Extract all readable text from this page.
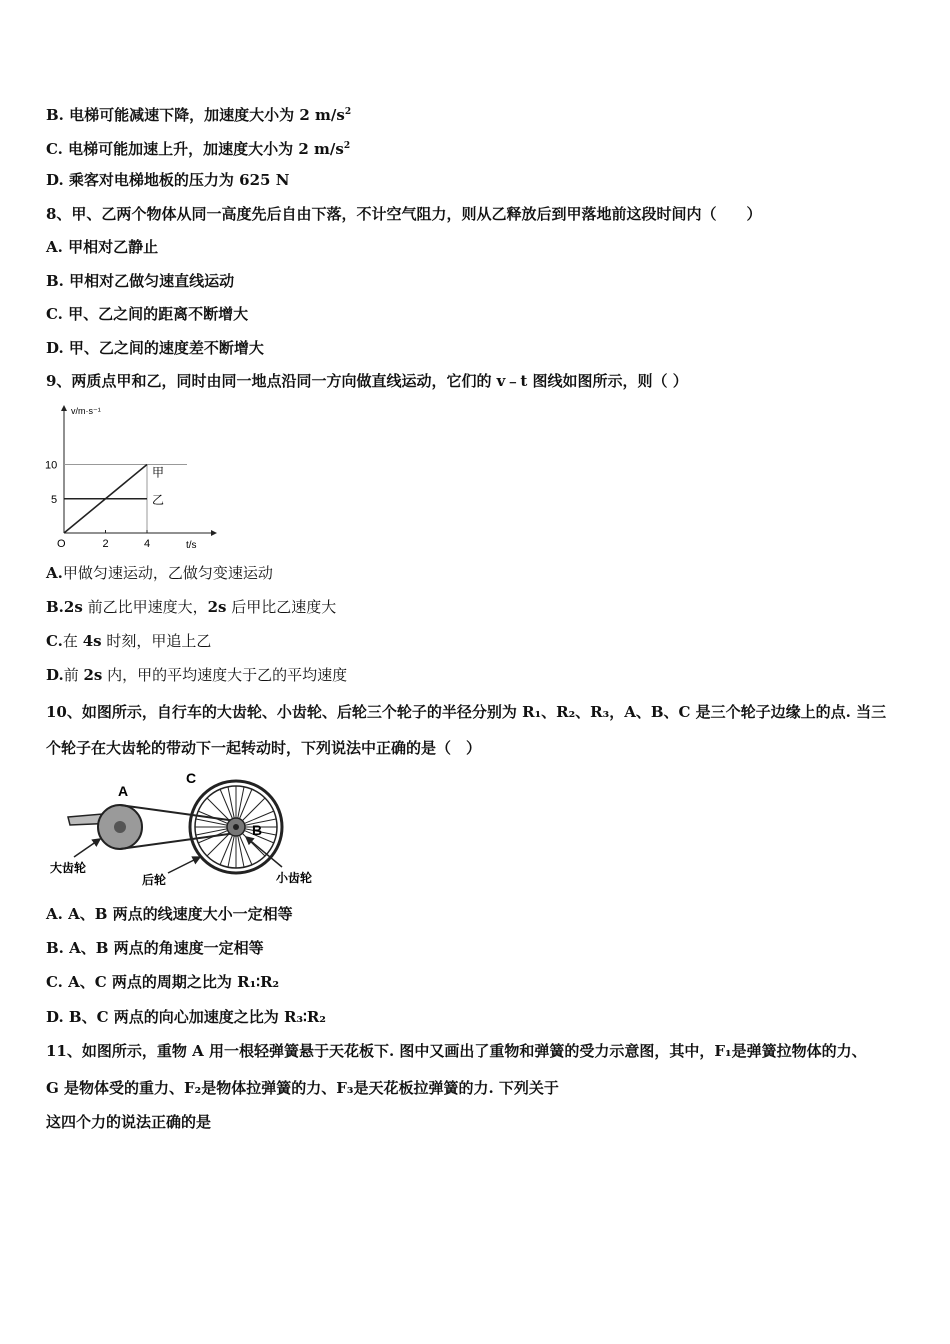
B. 电梯可能减速下降，加速度大小为 2 $m/s^2$
C. 电梯可能加速上升，加速度大小为 2 $m/s^2$
D. 乘客对电梯地板的压力为 625 N
8、甲、乙两个物体从同一高度先后自由下落，不计空气阻力，则从乙释放后到甲落地前这段时间内（　　）
A. 甲相对乙静止
B. 甲相对乙做匀速直线运动
C. 甲、乙之间的距离不断增大
D. 甲、乙之间的速度差不断增大
9、两质点甲和乙，同时由同一地点沿同一方向做直线运动，它们的 v﹣t 图线如图所示，则（ ）
甲
乙
2	4
5
10
v/m·s⁻¹
t/s
O
A.甲做匀速运动，乙做匀变速运动
B.2s 前乙比甲速度大，2s 后甲比乙速度大
C.在 4s 时刻，甲追上乙
D.前 2s 内，甲的平均速度大于乙的平均速度
10、如图所示，自行车的大齿轮、小齿轮、后轮三个轮子的半径分别为 R₁、R₂、R₃，A、B、C 是三个轮子边缘上的点. 当三
个轮子在大齿轮的带动下一起转动时，下列说法中正确的是（　）
A
B
C
大齿轮
后轮	小齿轮
A. A、B 两点的线速度大小一定相等
B. A、B 两点的角速度一定相等
C. A、C 两点的周期之比为 R₁∶R₂
D. B、C 两点的向心加速度之比为 R₃∶R₂
11、如图所示，重物 A 用一根轻弹簧悬于天花板下. 图中又画出了重物和弹簧的受力示意图，其中，F₁是弹簧拉物体的力、
G 是物体受的重力、F₂是物体拉弹簧的力、F₃是天花板拉弹簧的力. 下列关于
这四个力的说法正确的是
